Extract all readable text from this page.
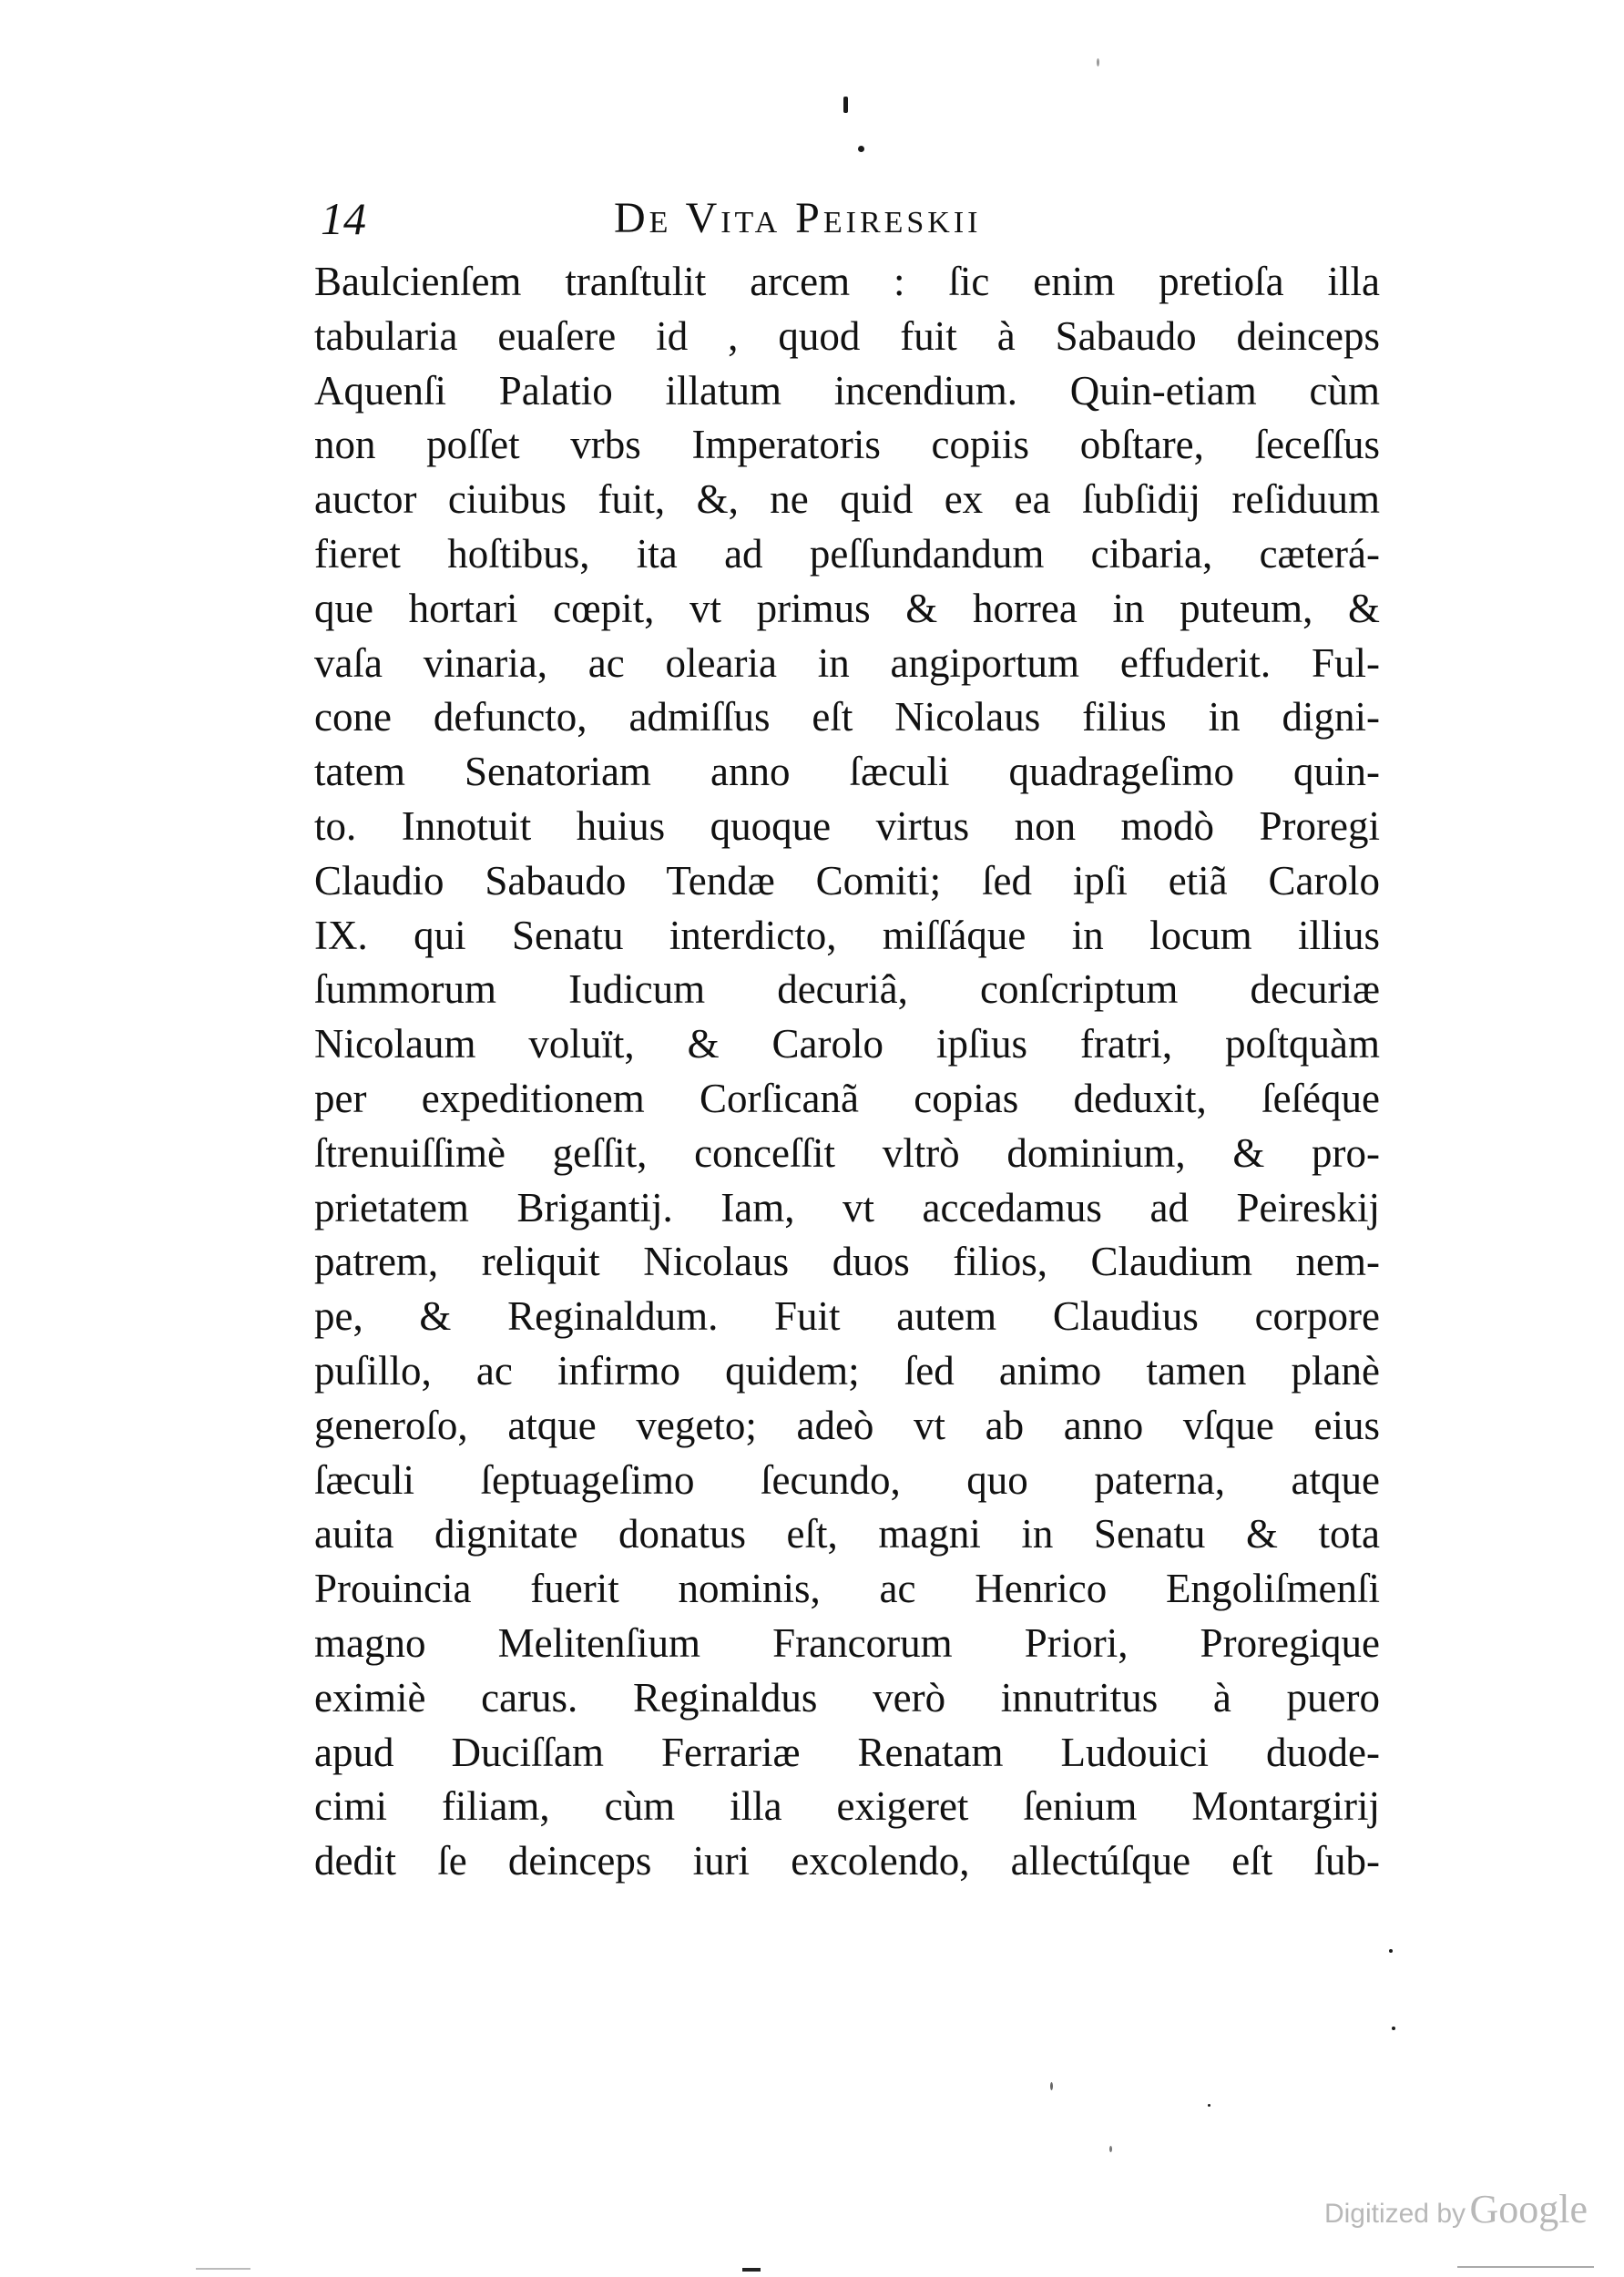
14	De Vita Peireskii
Baulcienſem tranſtulit arcem : ſic enim pretioſa illa
tabularia euaſere id , quod fuit à Sabaudo deinceps
Aquenſi Palatio illatum incendium. Quin-etiam cùm
non poſſet vrbs Imperatoris copiis obſtare, ſeceſſus
auctor ciuibus fuit, &, ne quid ex ea ſubſidij reſiduum
fieret hoſtibus, ita ad peſſundandum cibaria, cæterá-
que hortari cœpit, vt primus & horrea in puteum, &
vaſa vinaria, ac olearia in angiportum effuderit. Ful-
cone defuncto, admiſſus eſt Nicolaus filius in digni-
tatem Senatoriam anno ſæculi quadrageſimo quin-
to. Innotuit huius quoque virtus non modò Proregi
Claudio Sabaudo Tendæ Comiti; ſed ipſi etiã Carolo
IX. qui Senatu interdicto, miſſáque in locum illius
ſummorum Iudicum decuriâ, conſcriptum decuriæ
Nicolaum voluït, & Carolo ipſius fratri, poſtquàm
per expeditionem Corſicanã copias deduxit, ſeſéque
ſtrenuiſſimè geſſit, conceſſit vltrò dominium, & pro-
prietatem Brigantij. Iam, vt accedamus ad Peireskij
patrem, reliquit Nicolaus duos filios, Claudium nem-
pe, & Reginaldum. Fuit autem Claudius corpore
puſillo, ac infirmo quidem; ſed animo tamen planè
generoſo, atque vegeto; adeò vt ab anno vſque eius
ſæculi ſeptuageſimo ſecundo, quo paterna, atque
auita dignitate donatus eſt, magni in Senatu & tota
Prouincia fuerit nominis, ac Henrico Engoliſmenſi
magno Melitenſium Francorum Priori, Proregique
eximiè carus. Reginaldus verò innutritus à puero
apud Duciſſam Ferrariæ Renatam Ludouici duode-
cimi filiam, cùm illa exigeret ſenium Montargirij
dedit ſe deinceps iuri excolendo, allectúſque eſt ſub-
Digitized by Google
